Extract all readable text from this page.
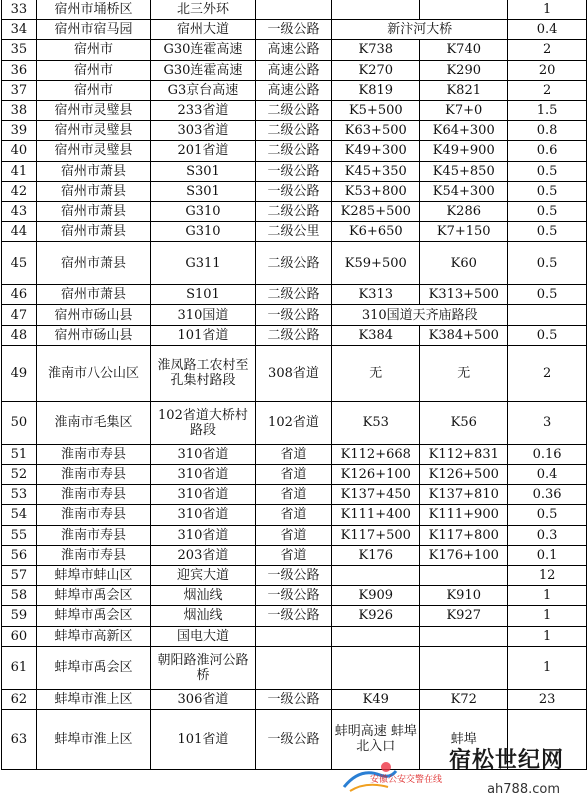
33	宿州市埇桥区	北三外环				1
34	宿州市宿马园	宿州大道	一级公路	新汴河大桥		0.4
35	宿州市	G30连霍高速	高速公路	K738	K740	2
36	宿州市	G30连霍高速	高速公路	K270	K290	20
37	宿州市	G3京台高速	高速公路	K819	K821	2
38	宿州市灵璧县	233省道	二级公路	K5+500	K7+0	1.5
39	宿州市灵璧县	303省道	二级公路	K63+500	K64+300	0.8
40	宿州市灵璧县	201省道	二级公路	K49+300	K49+900	0.6
41	宿州市萧县	S301	一级公路	K45+350	K45+850	0.5
42	宿州市萧县	S301	一级公路	K53+800	K54+300	0.5
43	宿州市萧县	G310	二级公路	K285+500	K286	0.5
44	宿州市萧县	G310	二级公里	K6+650	K7+150	0.5
45	宿州市萧县	G311	二级公路	K59+500	K60	0.5
46	宿州市萧县	S101	二级公路	K313	K313+500	0.5
47	宿州市砀山县	310国道	一级公路	310国道天齐庙路段		
48	宿州市砀山县	101省道	二级公路	K384	K384+500	0.5
49	淮南市八公山区	淮凤路工农村至孔集村路段	308省道	无	无	2
50	淮南市毛集区	102省道大桥村路段	102省道	K53	K56	3
51	淮南市寿县	310省道	省道	K112+668	K112+831	0.16
52	淮南市寿县	310省道	省道	K126+100	K126+500	0.4
53	淮南市寿县	310省道	省道	K137+450	K137+810	0.36
54	淮南市寿县	310省道	省道	K111+400	K111+900	0.5
55	淮南市寿县	310省道	省道	K117+500	K117+800	0.3
56	淮南市寿县	203省道	省道	K176	K176+100	0.1
57	蚌埠市蚌山区	迎宾大道	一级公路			12
58	蚌埠市禹会区	烟汕线	一级公路	K909	K910	1
59	蚌埠市禹会区	烟汕线	一级公路	K926	K927	1
60	蚌埠市高新区	国电大道				1
61	蚌埠市禹会区	朝阳路淮河公路桥				1
62	蚌埠市淮上区	306省道	一级公路	K49	K72	23
63	蚌埠市淮上区	101省道	一级公路	蚌明高速 蚌埠北入口	蚌埠	
宿松世纪网
安徽公安交警在线
ah788.com
